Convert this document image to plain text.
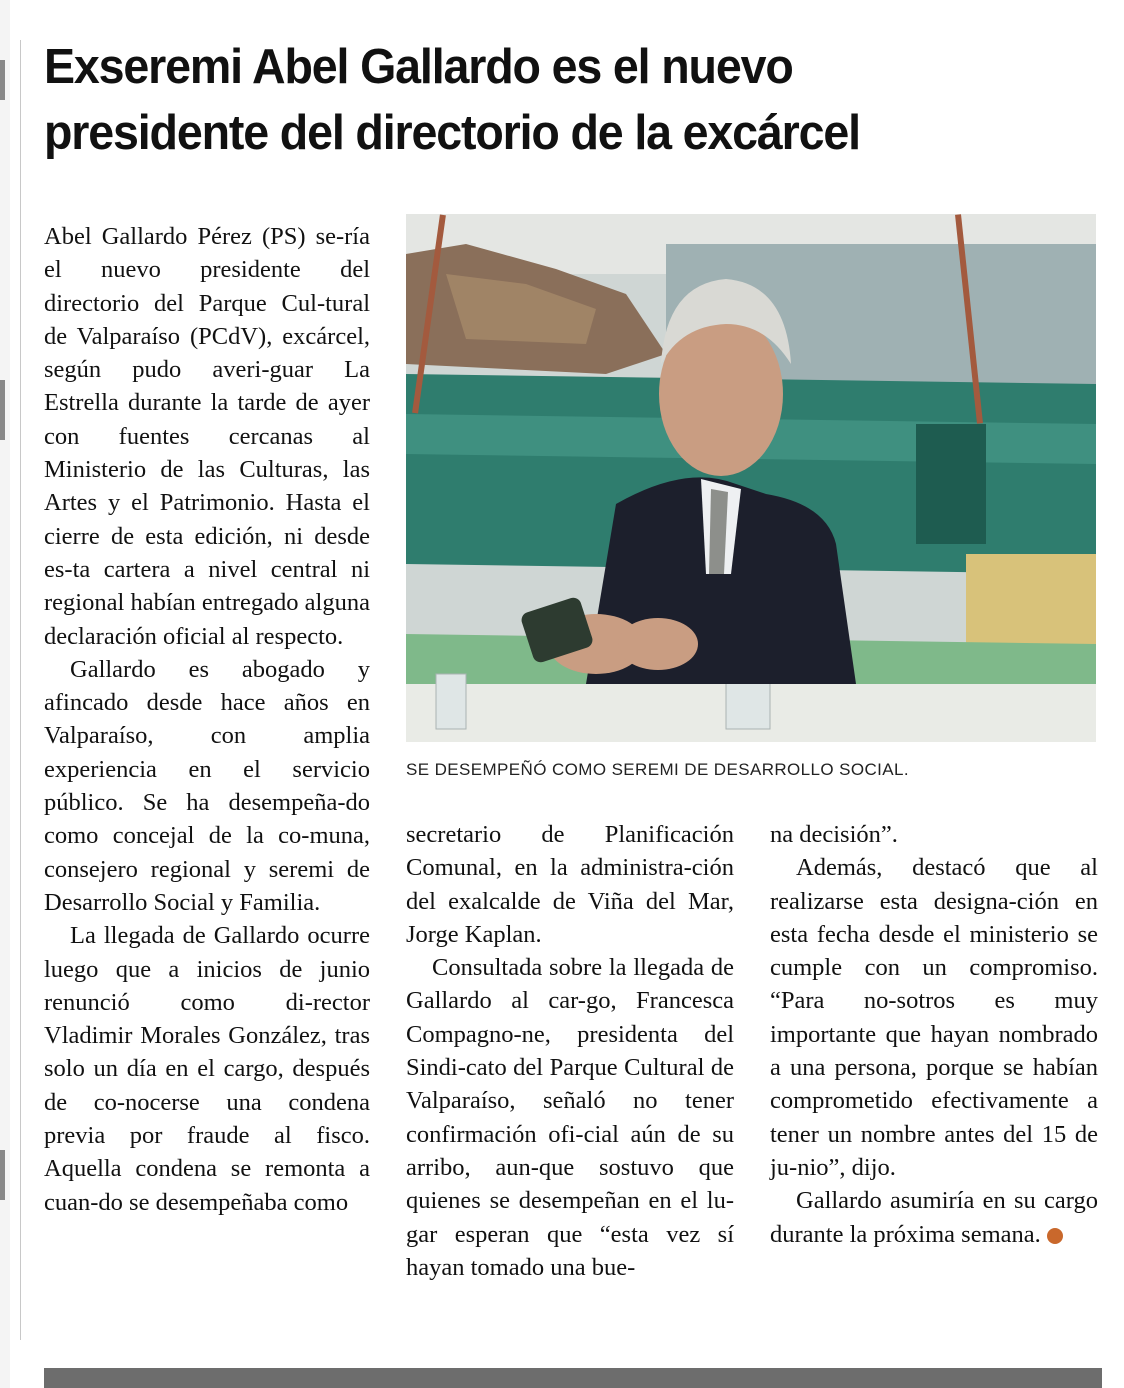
Exseremi Abel Gallardo es el nuevo
presidente del directorio de la excárcel

Abel Gallardo Pérez (PS) se-ría el nuevo presidente del directorio del Parque Cul-tural de Valparaíso (PCdV), excárcel, según pudo averi-guar La Estrella durante la tarde de ayer con fuentes cercanas al Ministerio de las Culturas, las Artes y el Patrimonio. Hasta el cierre de esta edición, ni desde es-ta cartera a nivel central ni regional habían entregado alguna declaración oficial al respecto.

Gallardo es abogado y afincado desde hace años en Valparaíso, con amplia experiencia en el servicio público. Se ha desempeña-do como concejal de la co-muna, consejero regional y seremi de Desarrollo Social y Familia.

La llegada de Gallardo ocurre luego que a inicios de junio renunció como di-rector Vladimir Morales González, tras solo un día en el cargo, después de co-nocerse una condena previa por fraude al fisco. Aquella condena se remonta a cuan-do se desempeñaba como

SE DESEMPEÑÓ COMO SEREMI DE DESARROLLO SOCIAL.

secretario de Planificación Comunal, en la administra-ción del exalcalde de Viña del Mar, Jorge Kaplan.

Consultada sobre la llegada de Gallardo al car-go, Francesca Compagno-ne, presidenta del Sindi-cato del Parque Cultural de Valparaíso, señaló no tener confirmación ofi-cial aún de su arribo, aun-que sostuvo que quienes se desempeñan en el lu-gar esperan que “esta vez sí hayan tomado una bue-

na decisión”.

Además, destacó que al realizarse esta designa-ción en esta fecha desde el ministerio se cumple con un compromiso. “Para no-sotros es muy importante que hayan nombrado a una persona, porque se habían comprometido efectivamente a tener un nombre antes del 15 de ju-nio”, dijo.

Gallardo asumiría en su cargo durante la próxima semana.	✪
